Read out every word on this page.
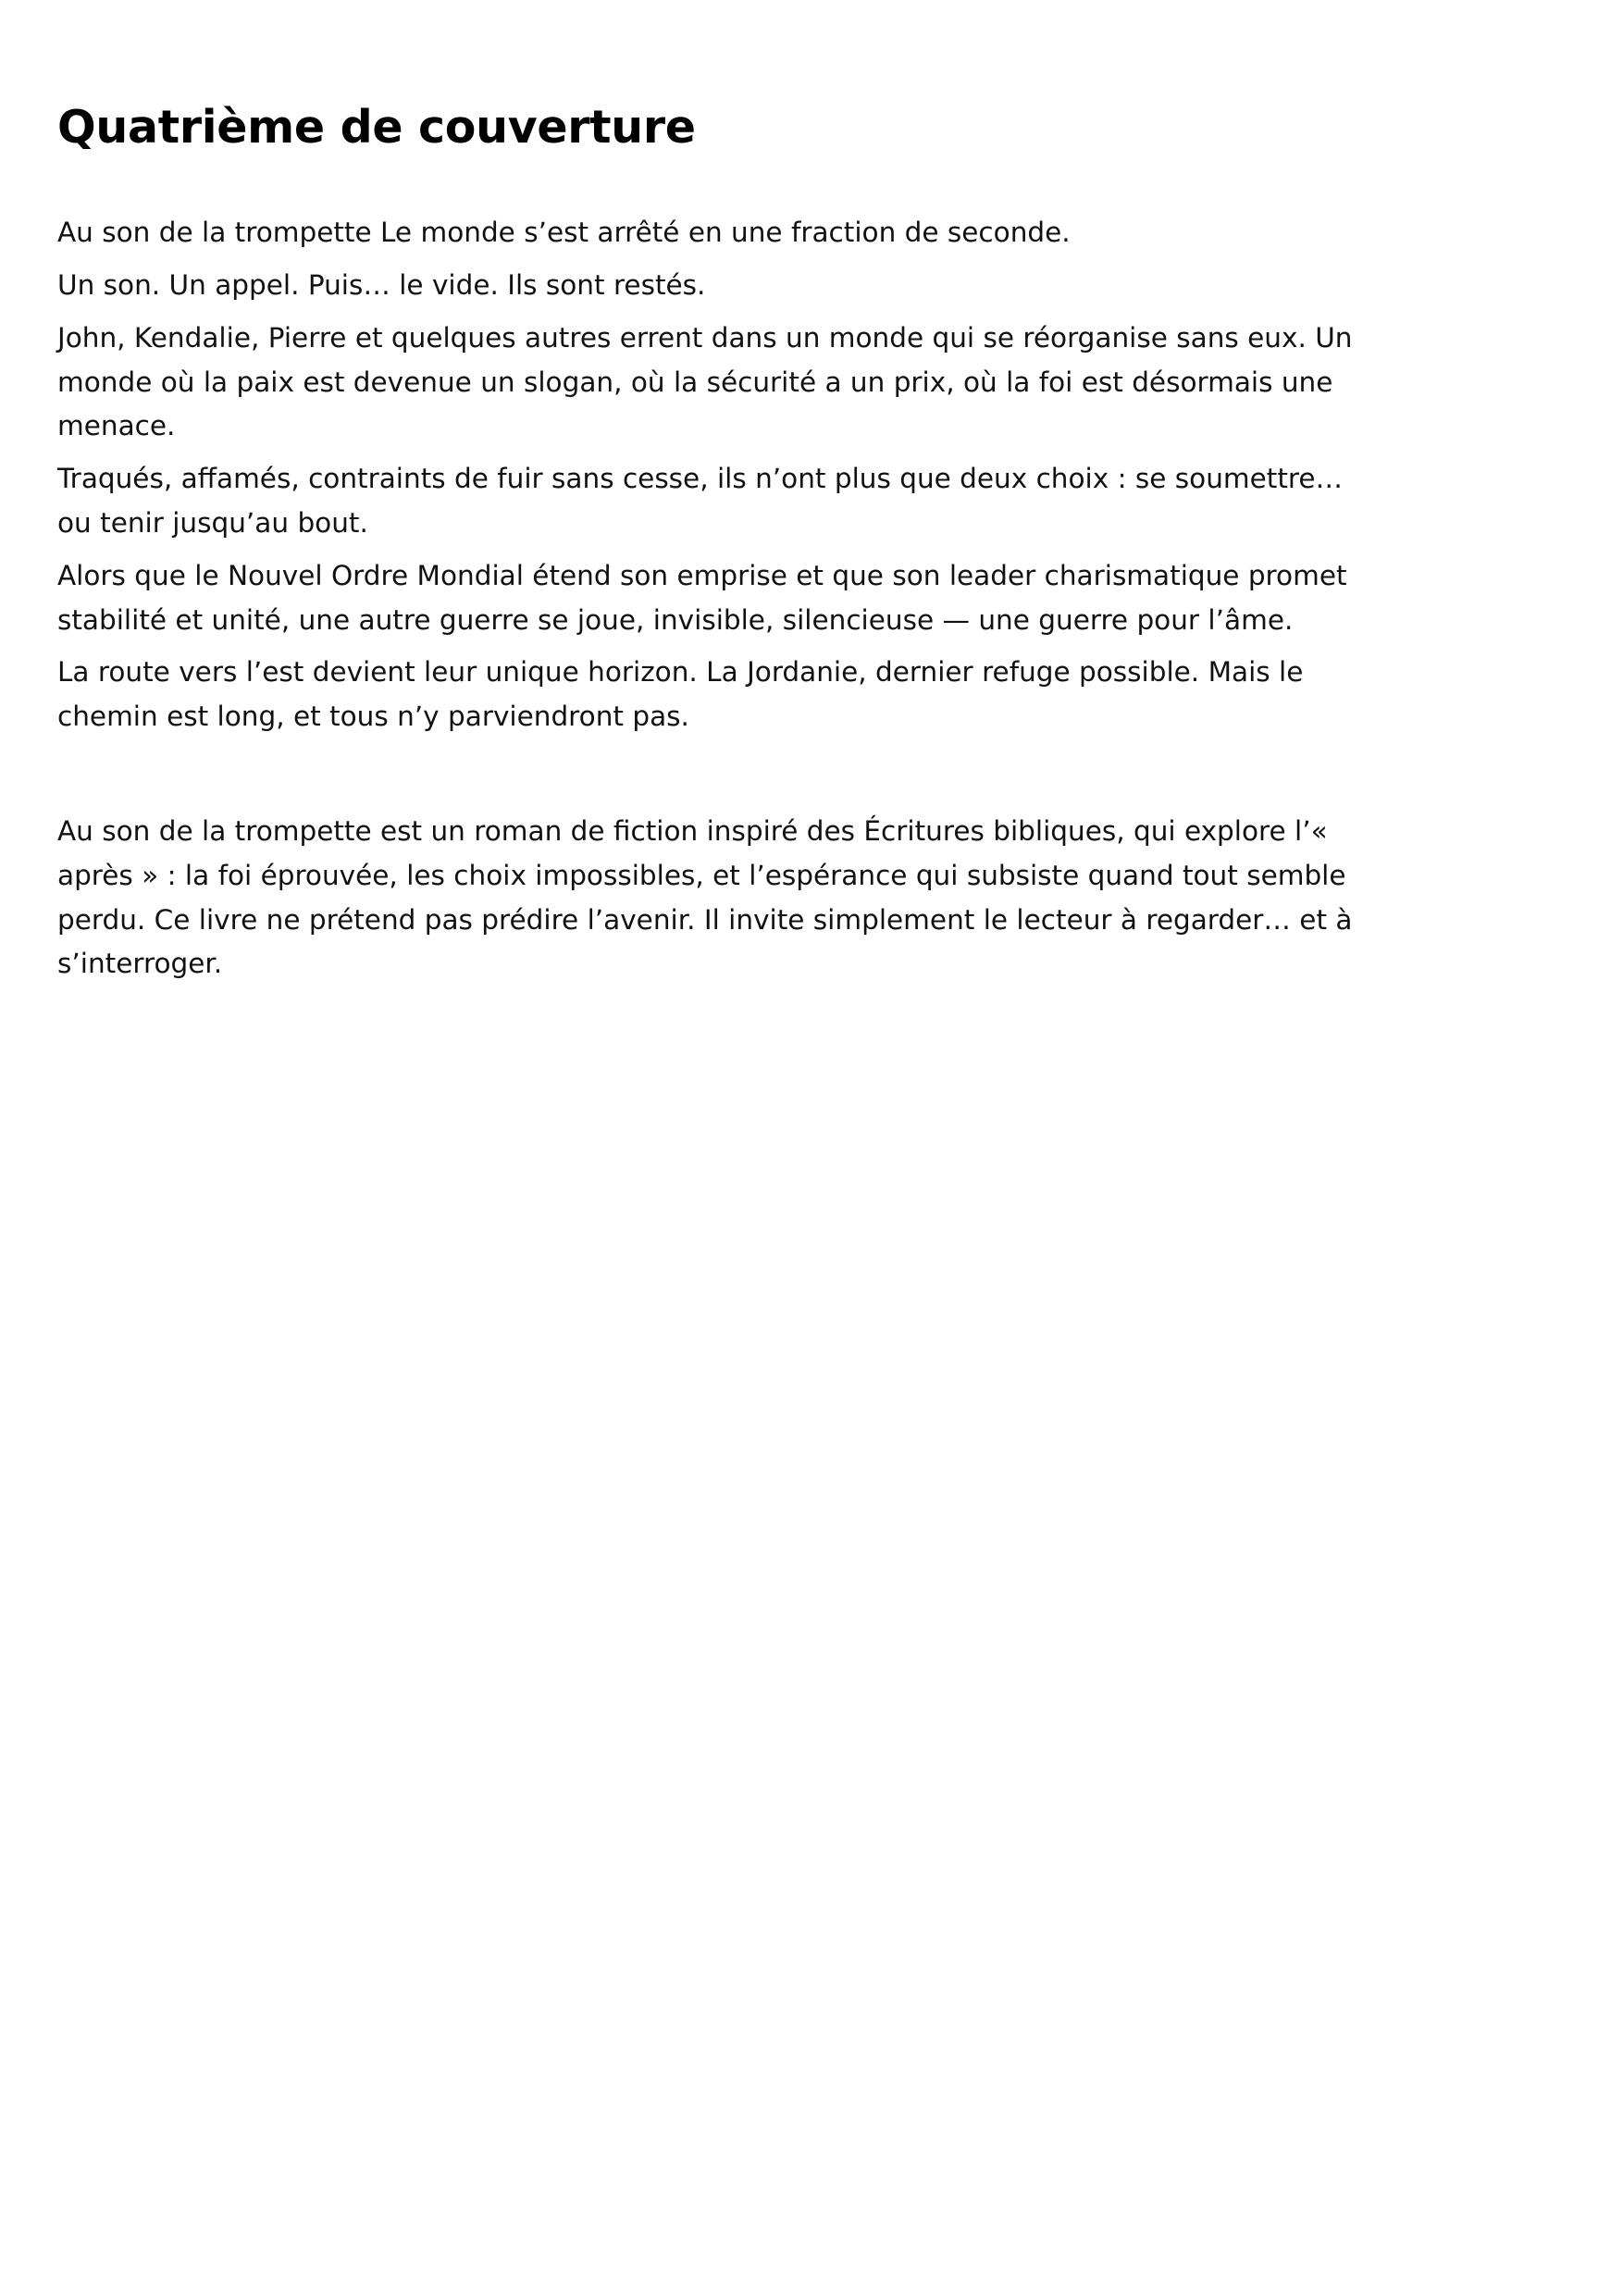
Quatrième de couverture

Au son de la trompette Le monde s’est arrêté en une fraction de seconde.

Un son. Un appel. Puis… le vide. Ils sont restés.

John, Kendalie, Pierre et quelques autres errent dans un monde qui se réorganise sans eux. Un monde où la paix est devenue un slogan, où la sécurité a un prix, où la foi est désormais une menace.

Traqués, affamés, contraints de fuir sans cesse, ils n’ont plus que deux choix : se soumettre… ou tenir jusqu’au bout.

Alors que le Nouvel Ordre Mondial étend son emprise et que son leader charismatique promet stabilité et unité, une autre guerre se joue, invisible, silencieuse — une guerre pour l’âme.

La route vers l’est devient leur unique horizon. La Jordanie, dernier refuge possible. Mais le chemin est long, et tous n’y parviendront pas.

Au son de la trompette est un roman de fiction inspiré des Écritures bibliques, qui explore l’« après » : la foi éprouvée, les choix impossibles, et l’espérance qui subsiste quand tout semble perdu. Ce livre ne prétend pas prédire l’avenir. Il invite simplement le lecteur à regarder… et à s’interroger.
